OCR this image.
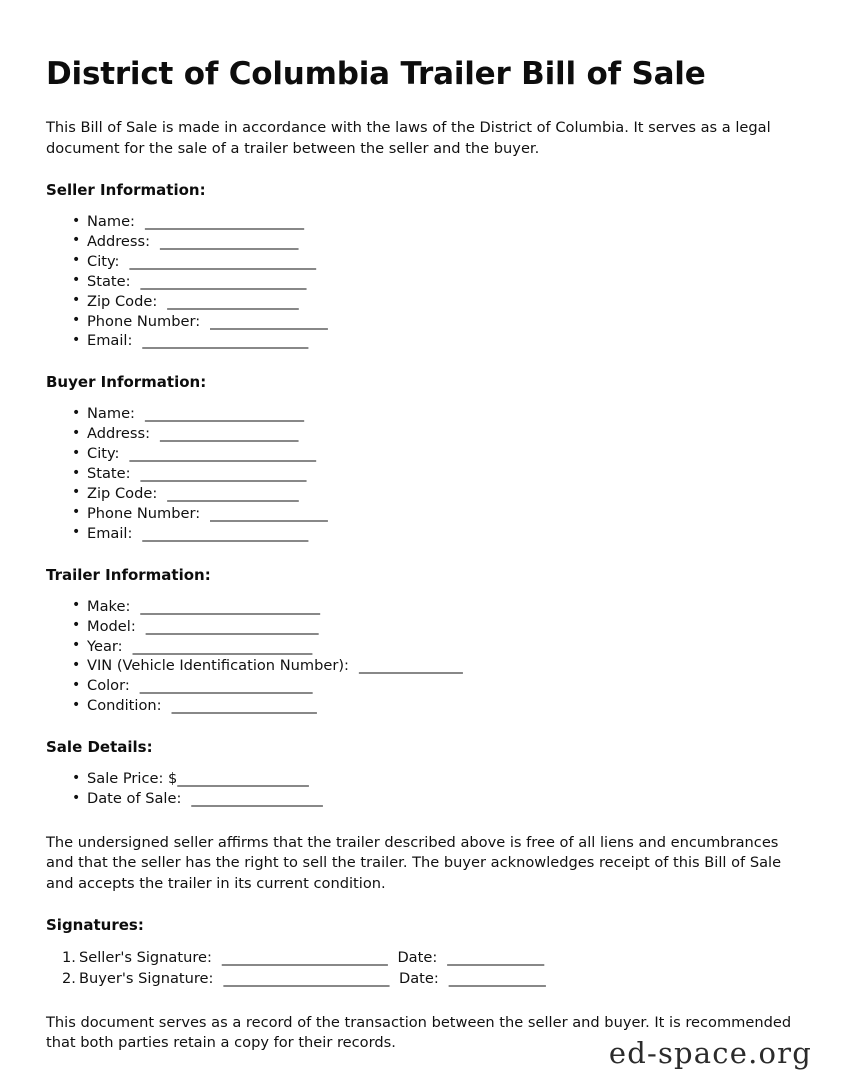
District of Columbia Trailer Bill of Sale

This Bill of Sale is made in accordance with the laws of the District of Columbia. It serves as a legal document for the sale of a trailer between the seller and the buyer.

Seller Information:
• Name: _______________________
• Address: ____________________
• City: ___________________________
• State: ________________________
• Zip Code: ___________________
• Phone Number: _________________
• Email: ________________________
Buyer Information:
• Name: _______________________
• Address: ____________________
• City: ___________________________
• State: ________________________
• Zip Code: ___________________
• Phone Number: _________________
• Email: ________________________
Trailer Information:
• Make: __________________________
• Model: _________________________
• Year: __________________________
• VIN (Vehicle Identification Number): _______________
• Color: _________________________
• Condition: _____________________
Sale Details:
• Sale Price: $___________________
• Date of Sale: ___________________

The undersigned seller affirms that the trailer described above is free of all liens and encumbrances and that the seller has the right to sell the trailer. The buyer acknowledges receipt of this Bill of Sale and accepts the trailer in its current condition.

Signatures:
Seller's Signature: ________________________ Date: ______________
Buyer's Signature: ________________________ Date: ______________

This document serves as a record of the transaction between the seller and buyer. It is recommended that both parties retain a copy for their records.	ed-space.org
